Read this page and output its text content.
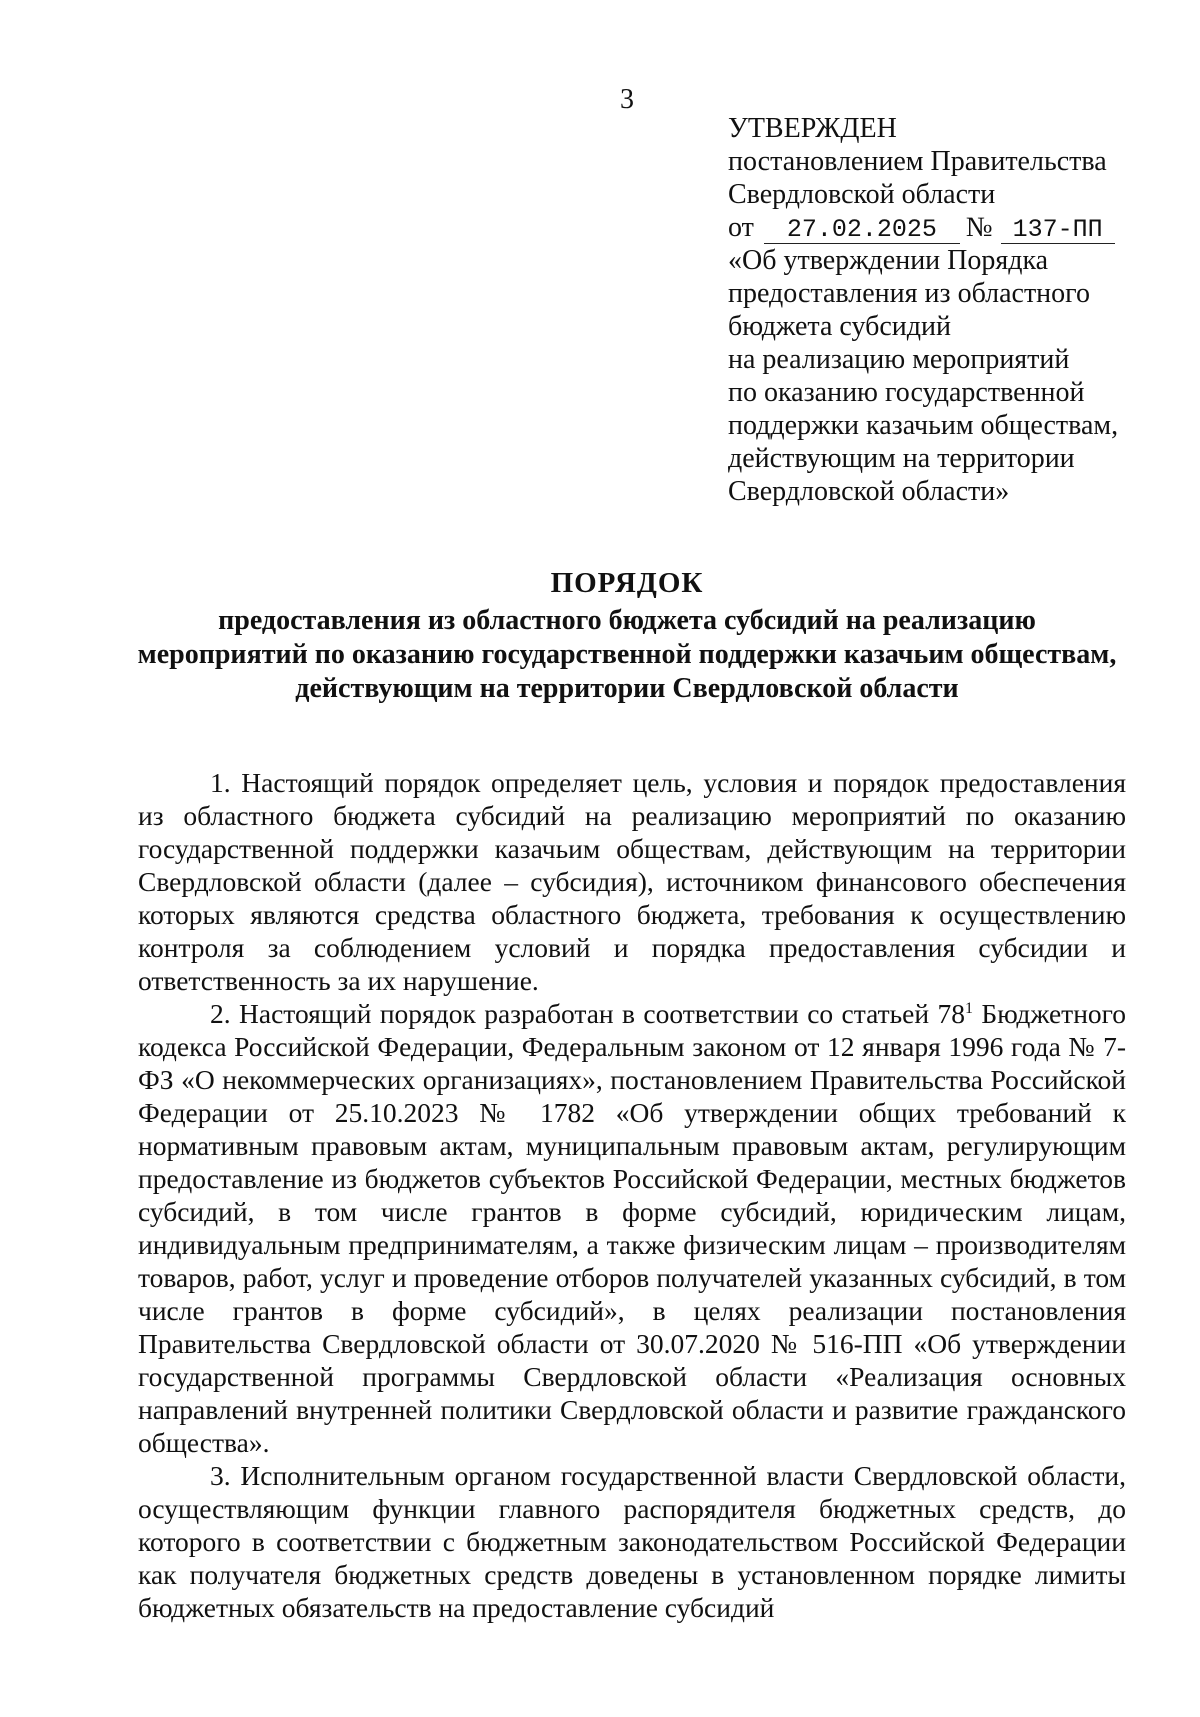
3
УТВЕРЖДЕН
постановлением Правительства
Свердловской области
от 27.02.2025 № 137-ПП
«Об утверждении Порядка
предоставления из областного
бюджета субсидий
на реализацию мероприятий
по оказанию государственной
поддержки казачьим обществам,
действующим на территории
Свердловской области»
ПОРЯДОК
предоставления из областного бюджета субсидий на реализацию
мероприятий по оказанию государственной поддержки казачьим обществам,
действующим на территории Свердловской области

1. Настоящий порядок определяет цель, условия и порядок предоставления из областного бюджета субсидий на реализацию мероприятий по оказанию государственной поддержки казачьим обществам, действующим на территории Свердловской области (далее – субсидия), источником финансового обеспечения которых являются средства областного бюджета, требования к осуществлению контроля за соблюдением условий и порядка предоставления субсидии и ответственность за их нарушение.

2. Настоящий порядок разработан в соответствии со статьей $78^1$ Бюджетного кодекса Российской Федерации, Федеральным законом от 12 января 1996 года № 7-ФЗ «О некоммерческих организациях», постановлением Правительства Российской Федерации от 25.10.2023 № 1782 «Об утверждении общих требований к нормативным правовым актам, муниципальным правовым актам, регулирующим предоставление из бюджетов субъектов Российской Федерации, местных бюджетов субсидий, в том числе грантов в форме субсидий, юридическим лицам, индивидуальным предпринимателям, а также физическим лицам – производителям товаров, работ, услуг и проведение отборов получателей указанных субсидий, в том числе грантов в форме субсидий», в целях реализации постановления Правительства Свердловской области от 30.07.2020 № 516-ПП «Об утверждении государственной программы Свердловской области «Реализация основных направлений внутренней политики Свердловской области и развитие гражданского общества».

3. Исполнительным органом государственной власти Свердловской области, осуществляющим функции главного распорядителя бюджетных средств, до которого в соответствии с бюджетным законодательством Российской Федерации как получателя бюджетных средств доведены в установленном порядке лимиты бюджетных обязательств на предоставление субсидий
